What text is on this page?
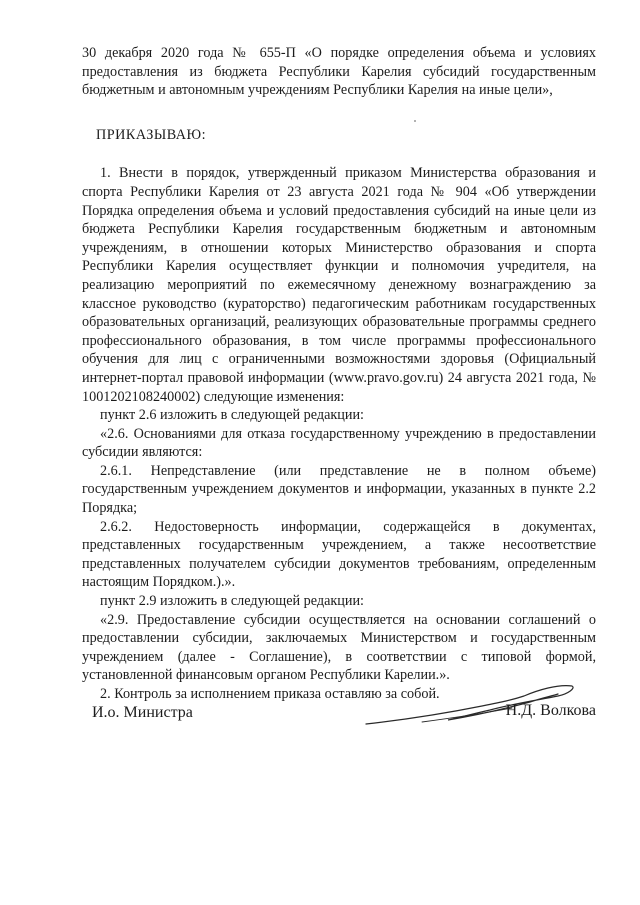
30 декабря 2020 года № 655-П «О порядке определения объема и условиях предоставления из бюджета Республики Карелия субсидий государственным бюджетным и автономным учреждениям Республики Карелия на иные цели»,

ПРИКАЗЫВАЮ:

1. Внести в порядок, утвержденный приказом Министерства образования и спорта Республики Карелия от 23 августа 2021 года № 904 «Об утверждении Порядка определения объема и условий предоставления субсидий на иные цели из бюджета Республики Карелия государственным бюджетным и автономным учреждениям, в отношении которых Министерство образования и спорта Республики Карелия осуществляет функции и полномочия учредителя, на реализацию мероприятий по ежемесячному денежному вознаграждению за классное руководство (кураторство) педагогическим работникам государственных образовательных организаций, реализующих образовательные программы среднего профессионального образования, в том числе программы профессионального обучения для лиц с ограниченными возможностями здоровья (Официальный интернет-портал правовой информации (www.pravo.gov.ru) 24 августа 2021 года, № 1001202108240002) следующие изменения:

пункт 2.6 изложить в следующей редакции:

«2.6. Основаниями для отказа государственному учреждению в предоставлении субсидии являются:

2.6.1. Непредставление (или представление не в полном объеме) государственным учреждением документов и информации, указанных в пункте 2.2 Порядка;

2.6.2. Недостоверность информации, содержащейся в документах, представленных государственным учреждением, а также несоответствие представленных получателем субсидии документов требованиям, определенным настоящим Порядком.).».

пункт 2.9 изложить в следующей редакции:

«2.9. Предоставление субсидии осуществляется на основании соглашений о предоставлении субсидии, заключаемых Министерством и государственным учреждением (далее - Соглашение), в соответствии с типовой формой, установленной финансовым органом Республики Карелии.».

2. Контроль за исполнением приказа оставляю за собой.

И.о. Министра	Н.Д. Волкова
